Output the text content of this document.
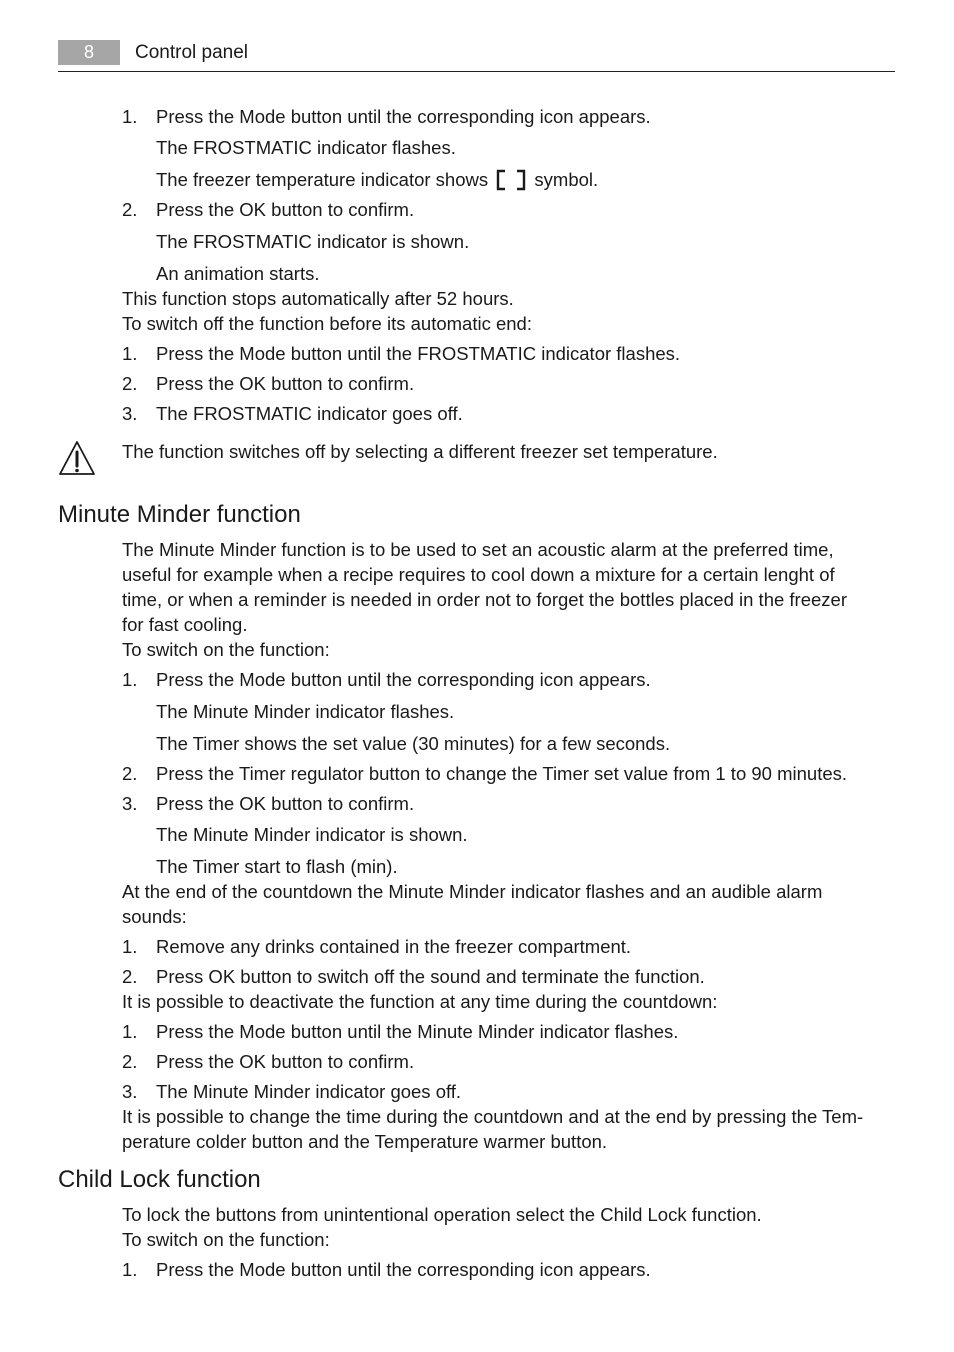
8	Control panel
1.	Press the Mode button until the corresponding icon appears.
The FROSTMATIC indicator flashes.
The freezer temperature indicator shows	symbol.
2.	Press the OK button to confirm.
The FROSTMATIC indicator is shown.
An animation starts.
This function stops automatically after 52 hours.
To switch off the function before its automatic end:
1.	Press the Mode button until the FROSTMATIC indicator flashes.
2.	Press the OK button to confirm.
3.	The FROSTMATIC indicator goes off.
The function switches off by selecting a different freezer set temperature.
Minute Minder function
The Minute Minder function is to be used to set an acoustic alarm at the preferred time,
useful for example when a recipe requires to cool down a mixture for a certain lenght of
time, or when a reminder is needed in order not to forget the bottles placed in the freezer
for fast cooling.
To switch on the function:
1.	Press the Mode button until the corresponding icon appears.
The Minute Minder indicator flashes.
The Timer shows the set value (30 minutes) for a few seconds.
2.	Press the Timer regulator button to change the Timer set value from 1 to 90 minutes.
3.	Press the OK button to confirm.
The Minute Minder indicator is shown.
The Timer start to flash (min).
At the end of the countdown the Minute Minder indicator flashes and an audible alarm
sounds:
1.	Remove any drinks contained in the freezer compartment.
2.	Press OK button to switch off the sound and terminate the function.
It is possible to deactivate the function at any time during the countdown:
1.	Press the Mode button until the Minute Minder indicator flashes.
2.	Press the OK button to confirm.
3.	The Minute Minder indicator goes off.
It is possible to change the time during the countdown and at the end by pressing the Tem-
perature colder button and the Temperature warmer button.
Child Lock function
To lock the buttons from unintentional operation select the Child Lock function.
To switch on the function:
1.	Press the Mode button until the corresponding icon appears.
